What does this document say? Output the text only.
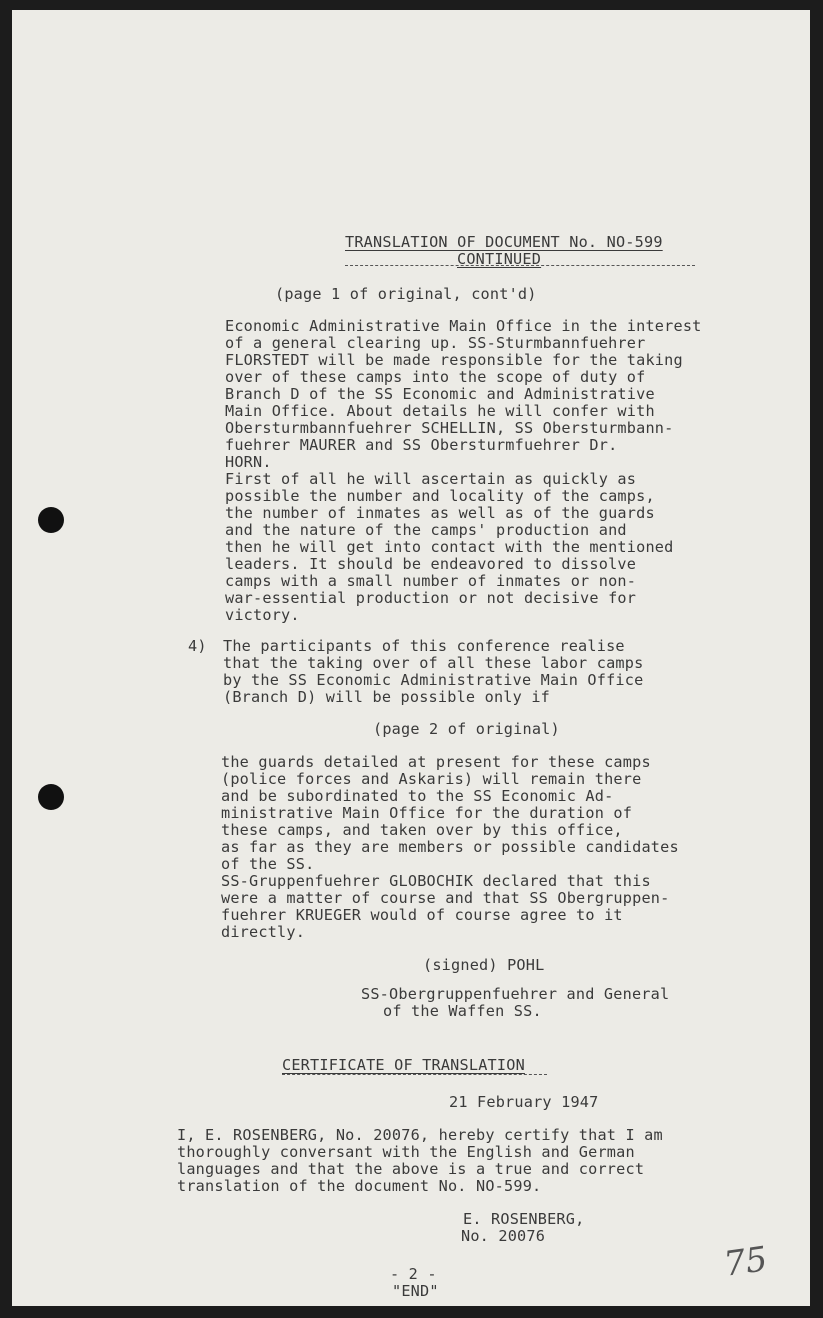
TRANSLATION OF DOCUMENT No. NO-599
CONTINUED
(page 1 of original, cont'd)
Economic Administrative Main Office in the interest
of a general clearing up. SS-Sturmbannfuehrer
FLORSTEDT will be made responsible for the taking
over of these camps into the scope of duty of
Branch D of the SS Economic and Administrative
Main Office. About details he will confer with
Obersturmbannfuehrer SCHELLIN, SS Obersturmbann-
fuehrer MAURER and SS Obersturmfuehrer Dr.
HORN.
First of all he will ascertain as quickly as
possible the number and locality of the camps,
the number of inmates as well as of the guards
and the nature of the camps' production and
then he will get into contact with the mentioned
leaders. It should be endeavored to dissolve
camps with a small number of inmates or non-
war-essential production or not decisive for
victory.
4) The participants of this conference realise
that the taking over of all these labor camps
by the SS Economic Administrative Main Office
(Branch D) will be possible only if
(page 2 of original)
the guards detailed at present for these camps
(police forces and Askaris) will remain there
and be subordinated to the SS Economic Ad-
ministrative Main Office for the duration of
these camps, and taken over by this office,
as far as they are members or possible candidates
of the SS.
SS-Gruppenfuehrer GLOBOCHIK declared that this
were a matter of course and that SS Obergruppen-
fuehrer KRUEGER would of course agree to it
directly.
(signed) POHL
SS-Obergruppenfuehrer and General
of the Waffen SS.
CERTIFICATE OF TRANSLATION
21 February 1947
I, E. ROSENBERG, No. 20076, hereby certify that I am
thoroughly conversant with the English and German
languages and that the above is a true and correct
translation of the document No. NO-599.
E. ROSENBERG,
No. 20076
75
- 2 -
"END"
